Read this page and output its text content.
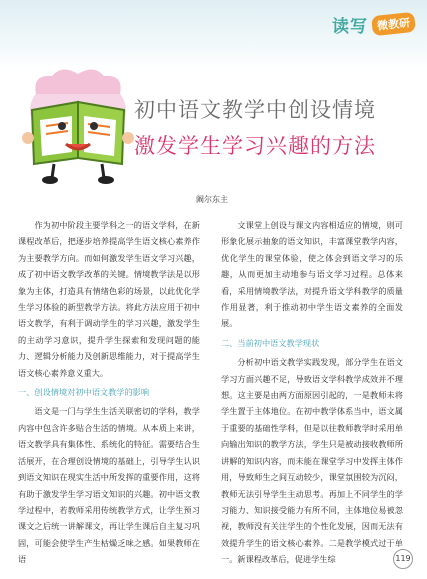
读写 微教研
初中语文教学中创设情境
激发学生学习兴趣的方法
阚尔东主

作为初中阶段主要学科之一的语文学科，在新课程改革后，把逐步培养提高学生语文核心素养作为主要教学方向。而如何激发学生语文学习兴趣，成了初中语文教学改革的关键。情境教学法是以形象为主体，打造具有情绪色彩的场景，以此优化学生学习体验的新型教学方法。将此方法应用于初中语文教学，有利于调动学生的学习兴趣，激发学生的主动学习意识，提升学生探索和发现问题的能力、逻辑分析能力及创新思维能力，对于提高学生语文核心素养意义重大。

一、创设情境对初中语文教学的影响

语文是一门与学生生活关联密切的学科，教学内容中包含许多贴合生活的情境。从本质上来讲，语文教学具有集体性、系统化的特征。需要结合生活展开，在合理创设情境的基础上，引导学生认识到语文知识在现实生活中所发挥的重要作用，这将有助于激发学生学习语文知识的兴趣。初中语文教学过程中，若教师采用传统教学方式，让学生预习课文之后统一讲解课文，再让学生课后自主复习巩固，可能会使学生产生枯燥乏味之感。如果教师在语

文课堂上创设与课文内容相适应的情境，则可形象化展示抽象的语文知识，丰富课堂教学内容，优化学生的课堂体验，使之体会到语文学习的乐趣，从而更加主动地参与语文学习过程。总体来看，采用情境教学法，对提升语文学科教学的质量作用显著，利于推动初中学生语文素养的全面发展。

二、当前初中语文教学现状

分析初中语文教学实践发现，部分学生在语文学习方面兴趣不足，导致语文学科教学成效并不理想。这主要是由两方面原因引起的，一是教师未将学生置于主体地位。在初中教学体系当中，语文属于重要的基础性学科，但是以往教师教学时采用单向输出知识的教学方法，学生只是被动接收教师所讲解的知识内容，而未能在课堂学习中发挥主体作用，导致师生之间互动较少，课堂氛围较为沉闷，教师无法引导学生主动思考。再加上不同学生的学习能力、知识接受能力有所不同，主体地位易被忽视，教师没有关注学生的个性化发展，因而无法有效提升学生的语文核心素养。二是教学模式过于单一。新课程改革后，促进学生综	119
